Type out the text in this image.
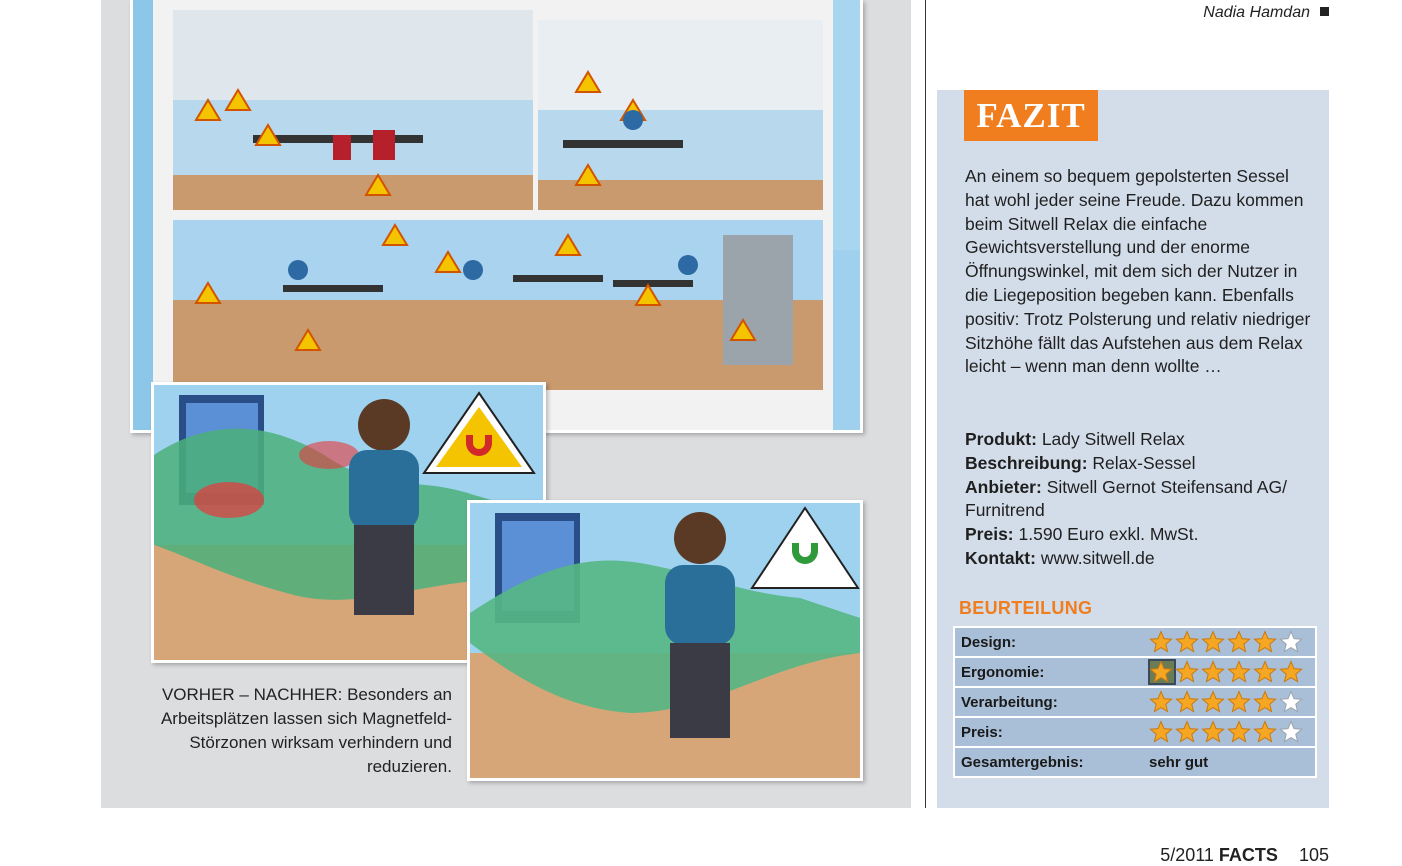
VORHER – NACHHER: Besonders an Arbeitsplätzen lassen sich Magnetfeld-Störzonen wirksam verhindern und reduzieren.
Nadia Hamdan
FAZIT
An einem so bequem gepolsterten Sessel hat wohl jeder seine Freude. Dazu kommen beim Sitwell Relax die einfache Gewichtsverstellung und der enorme Öffnungswinkel, mit dem sich der Nutzer in die Liegeposition begeben kann. Ebenfalls positiv: Trotz Polsterung und relativ niedriger Sitzhöhe fällt das Aufstehen aus dem Relax leicht – wenn man denn wollte …
Produkt: Lady Sitwell Relax
Beschreibung: Relax-Sessel
Anbieter: Sitwell Gernot Steifensand AG/ Furnitrend
Preis: 1.590 Euro exkl. MwSt.
Kontakt: www.sitwell.de
BEURTEILUNG
Design:
Ergonomie:
Verarbeitung:
Preis:
Gesamtergebnis:	sehr gut
5/2011 FACTS 105
